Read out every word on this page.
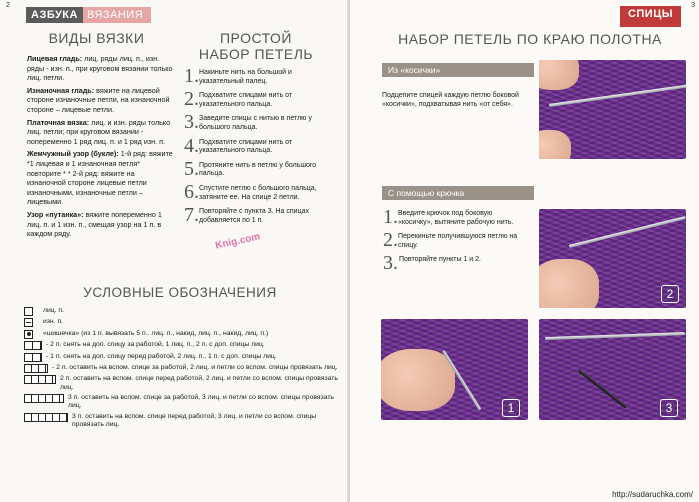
2
АЗБУКА ВЯЗАНИЯ
ВИДЫ ВЯЗКИ
Лицевая гладь: лиц. ряды лиц. п., изн. ряды - изн. п., при круговом вязании только лиц. петли.
Изнаночная гладь: вяжите на лицевой стороне изнаночные петли, на изнаночной стороне – лицевые петли.
Платочная вязка: лиц. и изн. ряды только лиц. петли; при круговом вязании - попеременно 1 ряд лиц. п. и 1 ряд изн. п.
Жемчужный узор (букле): 1-й ряд: вяжите *1 лицевая и 1 изнаночная петля* повторите * * 2-й ряд: вяжите на изнаночной стороне лицевые петли изнаночными, изнаночные петли – лицевыми.
Узор «путанка»: вяжите попеременно 1 лиц. п. и 1 изн. п., смещая узор на 1 п. в каждом ряду.
ПРОСТОЙ
НАБОР ПЕТЕЛЬ
1. Накиньте нить на большой и указательный палец.
2. Подхватите спицами нить от указательного пальца.
3. Заведите спицы с нитью в петлю у большого пальца.
4. Подхватите спицами нить от указательного пальца.
5. Протяните нить в петлю у большого пальца.
6. Спустите петлю с большого пальца, затяните ее. На спице 2 петли.
7. Повторяйте с пункта 3. На спицах добавляется по 1 п.
Knig.com
УСЛОВНЫЕ ОБОЗНАЧЕНИЯ
лиц. п.
изн. п.
«шишечка» (из 1 п. вывязать 5 п.. лиц. п., накид, лиц. п., накид, лиц. п.)
- 2 п. снять на доп. спицу за работой, 1 лиц. п., 2 п. с доп. спицы лиц.
- 1 п. снять на доп. спицу перед работой, 2 лиц. п., 1 п. с доп. спицы лиц.
- 2 п. оставить на вспом. спице за работой, 2 лиц. и петли со вспом. спицы провязать лиц.
2 п. оставить на вспом. спице перед работой, 2 лиц. и петли со вспом. спицы провязать лиц.
3 п. оставить на вспом. спице за работой, 3 лиц. и петли со вспом. спицы провязать лиц.
3 п. оставить на вспом. спице перед работой, 3 лиц. и петли со вспом. спицы провязать лиц.
3
СПИЦЫ
НАБОР ПЕТЕЛЬ ПО КРАЮ ПОЛОТНА
Из «косички»
Подцепите спицей каждую петлю боковой «косички», подхватывая нить «от себя».
С помощью крючка
1. Введите крючок под боковую «косичку», вытяните рабочую нить.
2. Перекиньте получившуюся петлю на спицу.
3. Повторяйте пункты 1 и 2.
2
1	3
http://sudaruchka.com/
